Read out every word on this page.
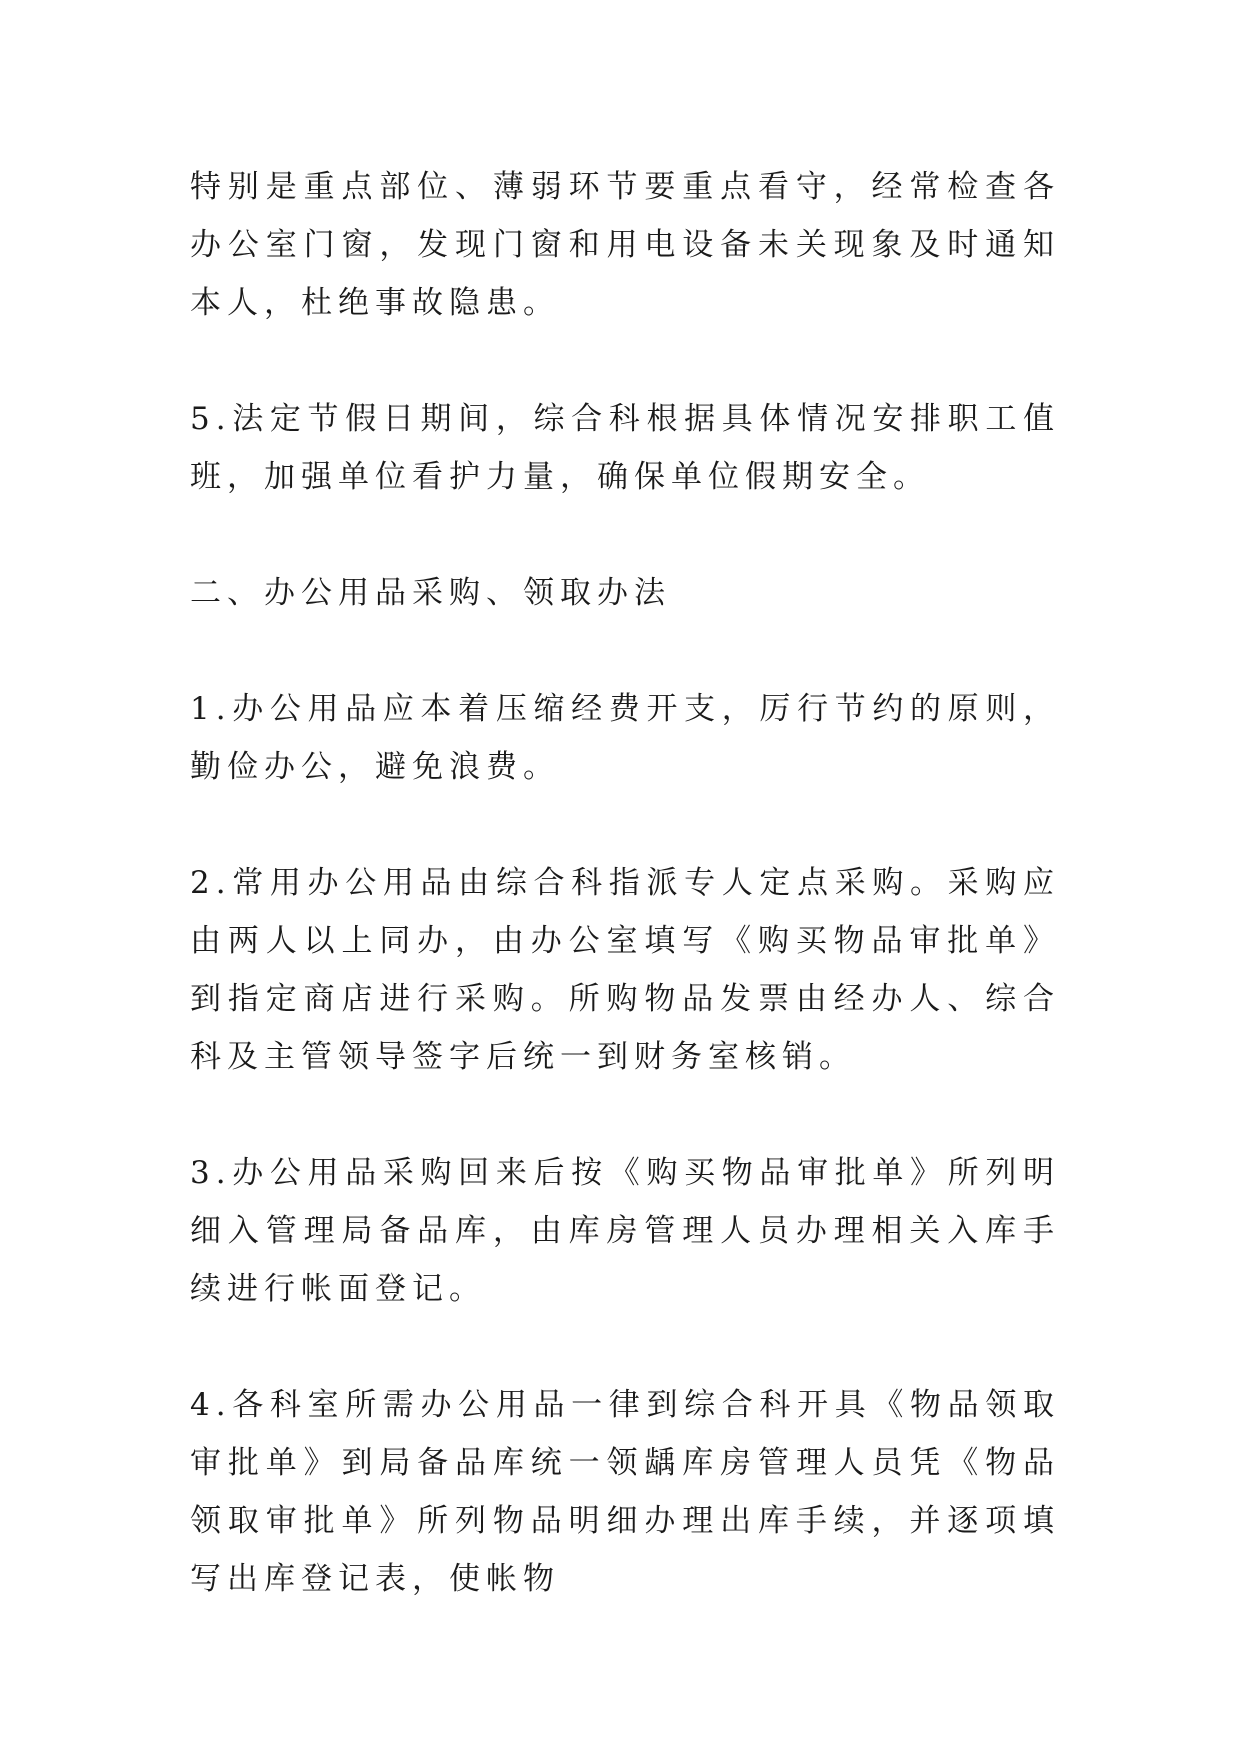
特别是重点部位、薄弱环节要重点看守，经常检查各办公室门窗，发现门窗和用电设备未关现象及时通知本人，杜绝事故隐患。

5.法定节假日期间，综合科根据具体情况安排职工值班，加强单位看护力量，确保单位假期安全。

二、办公用品采购、领取办法

1.办公用品应本着压缩经费开支，厉行节约的原则，勤俭办公，避免浪费。

2.常用办公用品由综合科指派专人定点采购。采购应由两人以上同办，由办公室填写《购买物品审批单》到指定商店进行采购。所购物品发票由经办人、综合科及主管领导签字后统一到财务室核销。

3.办公用品采购回来后按《购买物品审批单》所列明细入管理局备品库，由库房管理人员办理相关入库手续进行帐面登记。

4.各科室所需办公用品一律到综合科开具《物品领取审批单》到局备品库统一领龋库房管理人员凭《物品领取审批单》所列物品明细办理出库手续，并逐项填写出库登记表，使帐物
